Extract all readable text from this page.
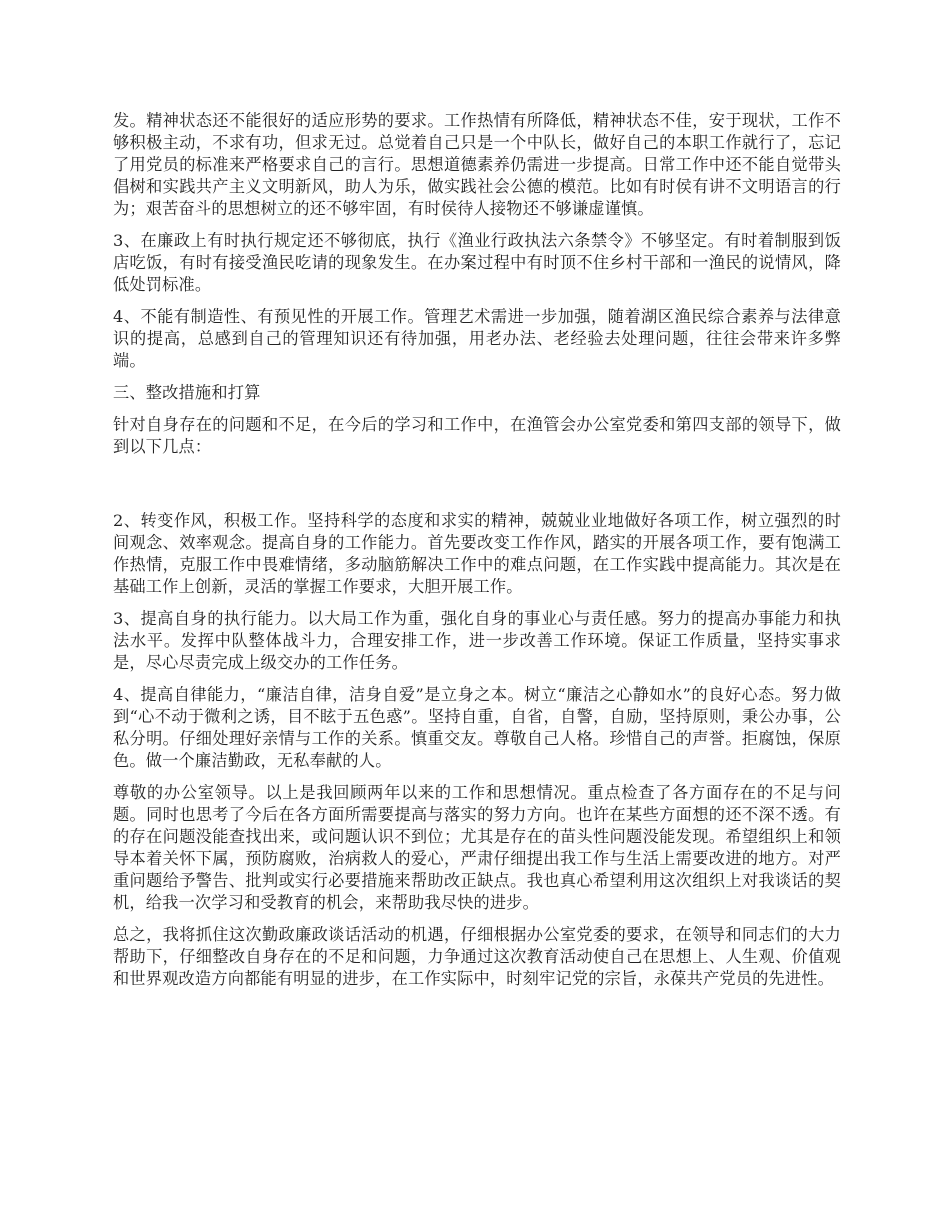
发。精神状态还不能很好的适应形势的要求。工作热情有所降低，精神状态不佳，安于现状，工作不够积极主动，不求有功，但求无过。总觉着自己只是一个中队长，做好自己的本职工作就行了，忘记了用党员的标准来严格要求自己的言行。思想道德素养仍需进一步提高。日常工作中还不能自觉带头倡树和实践共产主义文明新风，助人为乐，做实践社会公德的模范。比如有时侯有讲不文明语言的行为；艰苦奋斗的思想树立的还不够牢固，有时侯待人接物还不够谦虚谨慎。

3、在廉政上有时执行规定还不够彻底，执行《渔业行政执法六条禁令》不够坚定。有时着制服到饭店吃饭，有时有接受渔民吃请的现象发生。在办案过程中有时顶不住乡村干部和一渔民的说情风，降低处罚标准。

4、不能有制造性、有预见性的开展工作。管理艺术需进一步加强，随着湖区渔民综合素养与法律意识的提高，总感到自己的管理知识还有待加强，用老办法、老经验去处理问题，往往会带来许多弊端。

三、整改措施和打算

针对自身存在的问题和不足，在今后的学习和工作中，在渔管会办公室党委和第四支部的领导下，做到以下几点：

2、转变作风，积极工作。坚持科学的态度和求实的精神，兢兢业业地做好各项工作，树立强烈的时间观念、效率观念。提高自身的工作能力。首先要改变工作作风，踏实的开展各项工作，要有饱满工作热情，克服工作中畏难情绪，多动脑筋解决工作中的难点问题，在工作实践中提高能力。其次是在基础工作上创新，灵活的掌握工作要求，大胆开展工作。

3、提高自身的执行能力。以大局工作为重，强化自身的事业心与责任感。努力的提高办事能力和执法水平。发挥中队整体战斗力，合理安排工作，进一步改善工作环境。保证工作质量，坚持实事求是，尽心尽责完成上级交办的工作任务。

4、提高自律能力，“廉洁自律，洁身自爱”是立身之本。树立“廉洁之心静如水”的良好心态。努力做到“心不动于微利之诱，目不眩于五色惑”。坚持自重，自省，自警，自励，坚持原则，秉公办事，公私分明。仔细处理好亲情与工作的关系。慎重交友。尊敬自己人格。珍惜自己的声誉。拒腐蚀，保原色。做一个廉洁勤政，无私奉献的人。

尊敬的办公室领导。以上是我回顾两年以来的工作和思想情况。重点检查了各方面存在的不足与问题。同时也思考了今后在各方面所需要提高与落实的努力方向。也许在某些方面想的还不深不透。有的存在问题没能查找出来，或问题认识不到位；尤其是存在的苗头性问题没能发现。希望组织上和领导本着关怀下属，预防腐败，治病救人的爱心，严肃仔细提出我工作与生活上需要改进的地方。对严重问题给予警告、批判或实行必要措施来帮助改正缺点。我也真心希望利用这次组织上对我谈话的契机，给我一次学习和受教育的机会，来帮助我尽快的进步。

总之，我将抓住这次勤政廉政谈话活动的机遇，仔细根据办公室党委的要求，在领导和同志们的大力帮助下，仔细整改自身存在的不足和问题，力争通过这次教育活动使自己在思想上、人生观、价值观和世界观改造方向都能有明显的进步，在工作实际中，时刻牢记党的宗旨，永葆共产党员的先进性。
